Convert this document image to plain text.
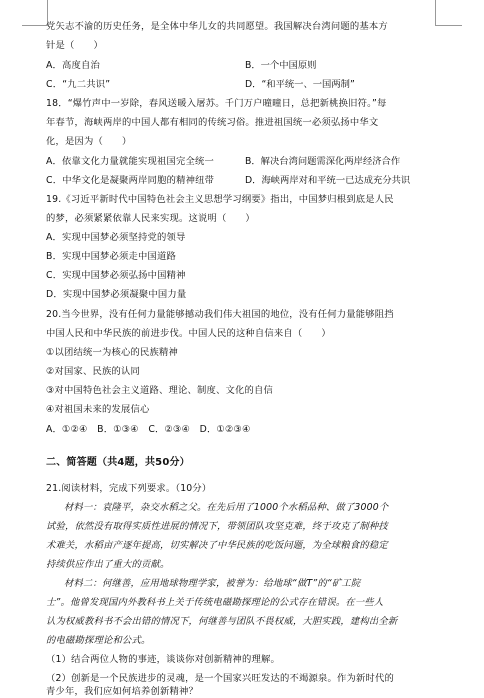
党矢志不渝的历史任务，是全体中华儿女的共同愿望。我国解决台湾问题的基本方
针是（　　）
A．高度自治	B．一个中国原则
C．“九二共识”	D．“和平统一、一国两制”
18．“爆竹声中一岁除，春风送暖入屠苏。千门万户曈曈日，总把新桃换旧符。”每
年春节，海峡两岸的中国人都有相同的传统习俗。推进祖国统一必须弘扬中华文
化，是因为（　　）
A．依靠文化力量就能实现祖国完全统一	B．解决台湾问题需深化两岸经济合作
C．中华文化是凝聚两岸同胞的精神纽带	D．海峡两岸对和平统一已达成充分共识
19.《习近平新时代中国特色社会主义思想学习纲要》指出，中国梦归根到底是人民
的梦，必须紧紧依靠人民来实现。这说明（　　）
A．实现中国梦必须坚持党的领导
B．实现中国梦必须走中国道路
C．实现中国梦必须弘扬中国精神
D．实现中国梦必须凝聚中国力量
20.当今世界，没有任何力量能够撼动我们伟大祖国的地位，没有任何力量能够阻挡
中国人民和中华民族的前进步伐。中国人民的这种自信来自（　　）
①以团结统一为核心的民族精神
②对国家、民族的认同
③对中国特色社会主义道路、理论、制度、文化的自信
④对祖国未来的发展信心
A．①②④　B．①③④　C．②③④　D．①②③④
二、简答题（共4题，共50分）
21.阅读材料，完成下列要求。（10分）
材料一：袁隆平，杂交水稻之父。在先后用了1000个水稻品种、做了3000个
试验，依然没有取得实质性进展的情况下，带领团队攻坚克难，终于攻克了制种技
术难关，水稻亩产逐年提高，切实解决了中华民族的吃饭问题，为全球粮食的稳定
持续供应作出了重大的贡献。
材料二：何继善，应用地球物理学家，被誉为：给地球“做T”的“矿工院
士”。他曾发现国内外教科书上关于传统电磁勘探理论的公式存在错误。在一些人
认为权威教科书不会出错的情况下，何继善与团队不畏权威，大胆实践，建构出全新
的电磁勘探理论和公式。
（1）结合两位人物的事迹，谈谈你对创新精神的理解。
（2）创新是一个民族进步的灵魂，是一个国家兴旺发达的不竭源泉。作为新时代的
青少年，我们应如何培养创新精神？
